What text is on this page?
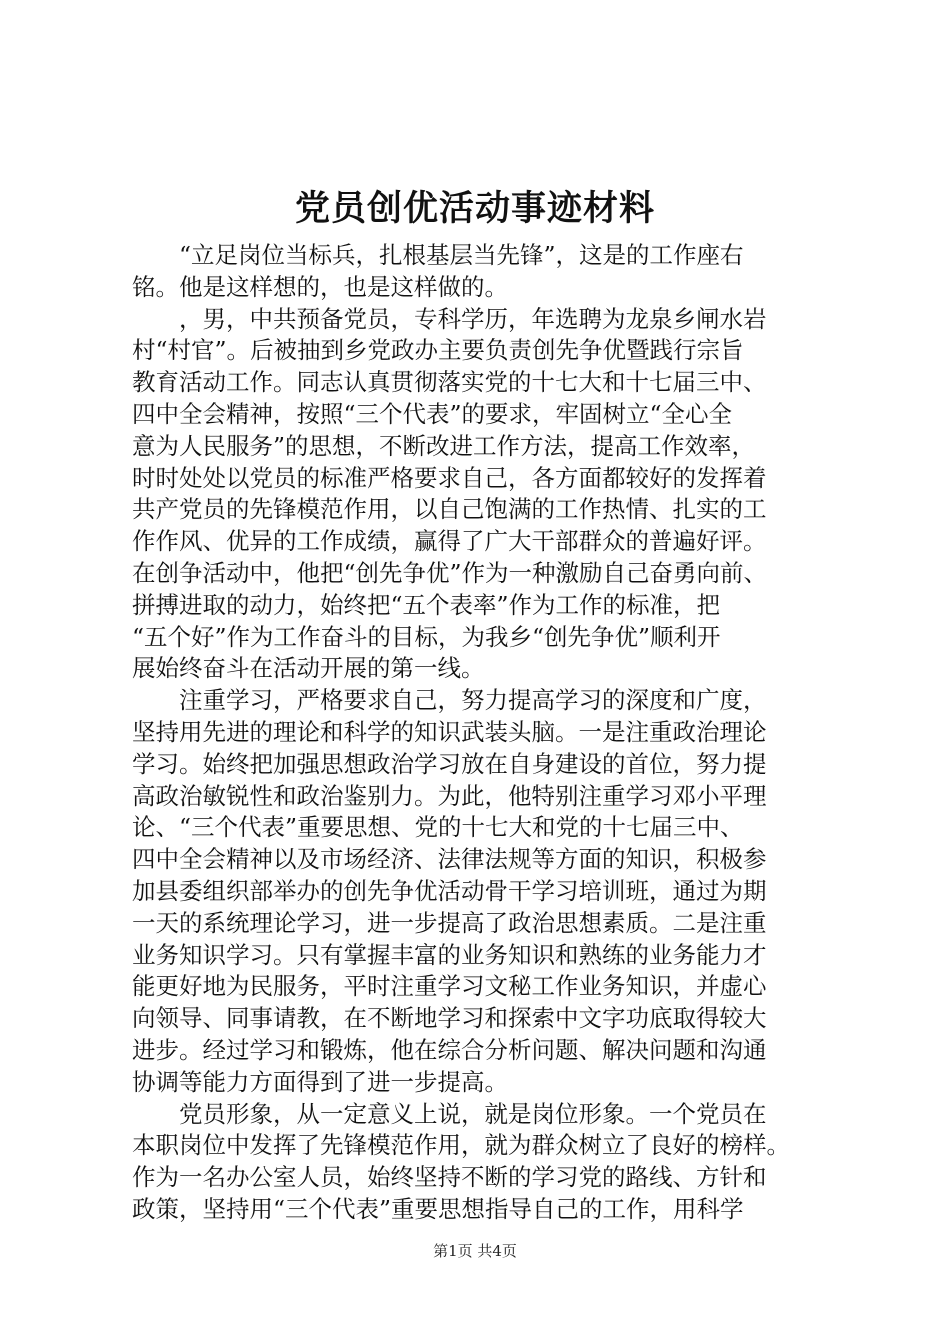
党员创优活动事迹材料
“立足岗位当标兵，扎根基层当先锋”，这是的工作座右
铭。他是这样想的，也是这样做的。
，男，中共预备党员，专科学历，年选聘为龙泉乡闸水岩
村“村官”。后被抽到乡党政办主要负责创先争优暨践行宗旨
教育活动工作。同志认真贯彻落实党的十七大和十七届三中、
四中全会精神，按照“三个代表”的要求，牢固树立“全心全
意为人民服务”的思想，不断改进工作方法，提高工作效率，
时时处处以党员的标准严格要求自己，各方面都较好的发挥着
共产党员的先锋模范作用，以自己饱满的工作热情、扎实的工
作作风、优异的工作成绩，赢得了广大干部群众的普遍好评。
在创争活动中，他把“创先争优”作为一种激励自己奋勇向前、
拼搏进取的动力，始终把“五个表率”作为工作的标准，把
“五个好”作为工作奋斗的目标，为我乡“创先争优”顺利开
展始终奋斗在活动开展的第一线。
注重学习，严格要求自己，努力提高学习的深度和广度，
坚持用先进的理论和科学的知识武装头脑。一是注重政治理论
学习。始终把加强思想政治学习放在自身建设的首位，努力提
高政治敏锐性和政治鉴别力。为此，他特别注重学习邓小平理
论、“三个代表”重要思想、党的十七大和党的十七届三中、
四中全会精神以及市场经济、法律法规等方面的知识，积极参
加县委组织部举办的创先争优活动骨干学习培训班，通过为期
一天的系统理论学习，进一步提高了政治思想素质。二是注重
业务知识学习。只有掌握丰富的业务知识和熟练的业务能力才
能更好地为民服务，平时注重学习文秘工作业务知识，并虚心
向领导、同事请教，在不断地学习和探索中文字功底取得较大
进步。经过学习和锻炼，他在综合分析问题、解决问题和沟通
协调等能力方面得到了进一步提高。
党员形象，从一定意义上说，就是岗位形象。一个党员在
本职岗位中发挥了先锋模范作用，就为群众树立了良好的榜样。
作为一名办公室人员，始终坚持不断的学习党的路线、方针和
政策，坚持用“三个代表”重要思想指导自己的工作，用科学
第1页 共4页
